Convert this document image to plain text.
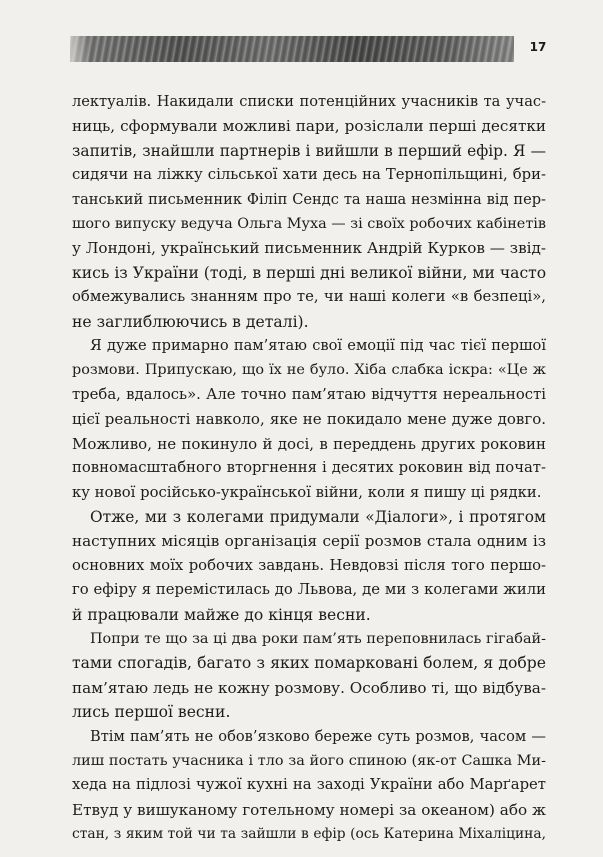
17

лектуалів. Накидали списки потенційних учасників та учас-

ниць, сформували можливі пари, розіслали перші десятки

запитів, знайшли партнерів і вийшли в перший ефір. Я —

сидячи на ліжку сільської хати десь на Тернопільщині, бри-

танський письменник Філіп Сендс та наша незмінна від пер-

шого випуску ведуча Ольга Муха — зі своїх робочих кабінетів

у Лондоні, український письменник Андрій Курков — звід-

кись із України (тоді, в перші дні великої війни, ми часто

обмежувались знанням про те, чи наші колеги «в безпеці»,

не заглиблюючись в деталі).

Я дуже примарно пам’ятаю свої емоції під час тієї першої

розмови. Припускаю, що їх не було. Хіба слабка іскра: «Це ж

треба, вдалось». Але точно пам’ятаю відчуття нереальності

цієї реальності навколо, яке не покидало мене дуже довго.

Можливо, не покинуло й досі, в переддень других роковин

повномасштабного вторгнення і десятих роковин від почат-

ку нової російсько-української війни, коли я пишу ці рядки.

Отже, ми з колегами придумали «Діалоги», і протягом

наступних місяців організація серії розмов стала одним із

основних моїх робочих завдань. Невдовзі після того першо-

го ефіру я перемістилась до Львова, де ми з колегами жили

й працювали майже до кінця весни.

Попри те що за ці два роки пам’ять переповнилась гігабай-

тами спогадів, багато з яких помарковані болем, я добре

пам’ятаю ледь не кожну розмову. Особливо ті, що відбува-

лись першої весни.

Втім пам’ять не обов’язково береже суть розмов, часом —

лиш постать учасника і тло за його спиною (як-от Сашка Ми-

хеда на підлозі чужої кухні на заході України або Марґарет

Етвуд у вишуканому готельному номері за океаном) або ж

стан, з яким той чи та зайшли в ефір (ось Катерина Міхаліцина,
